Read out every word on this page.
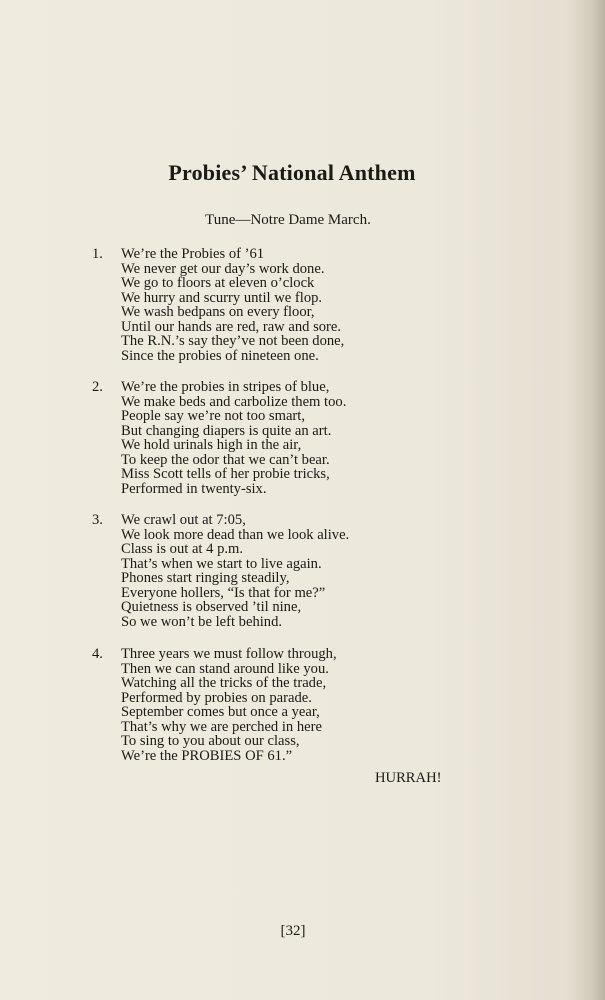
Probies’ National Anthem
Tune—Notre Dame March.
1. We’re the Probies of ’61
We never get our day’s work done.
We go to floors at eleven o’clock
We hurry and scurry until we flop.
We wash bedpans on every floor,
Until our hands are red, raw and sore.
The R.N.’s say they’ve not been done,
Since the probies of nineteen one.
2. We’re the probies in stripes of blue,
We make beds and carbolize them too.
People say we’re not too smart,
But changing diapers is quite an art.
We hold urinals high in the air,
To keep the odor that we can’t bear.
Miss Scott tells of her probie tricks,
Performed in twenty-six.
3. We crawl out at 7:05,
We look more dead than we look alive.
Class is out at 4 p.m.
That’s when we start to live again.
Phones start ringing steadily,
Everyone hollers, “Is that for me?”
Quietness is observed ’til nine,
So we won’t be left behind.
4. Three years we must follow through,
Then we can stand around like you.
Watching all the tricks of the trade,
Performed by probies on parade.
September comes but once a year,
That’s why we are perched in here
To sing to you about our class,
We’re the PROBIES OF 61.”
HURRAH!
[32]
